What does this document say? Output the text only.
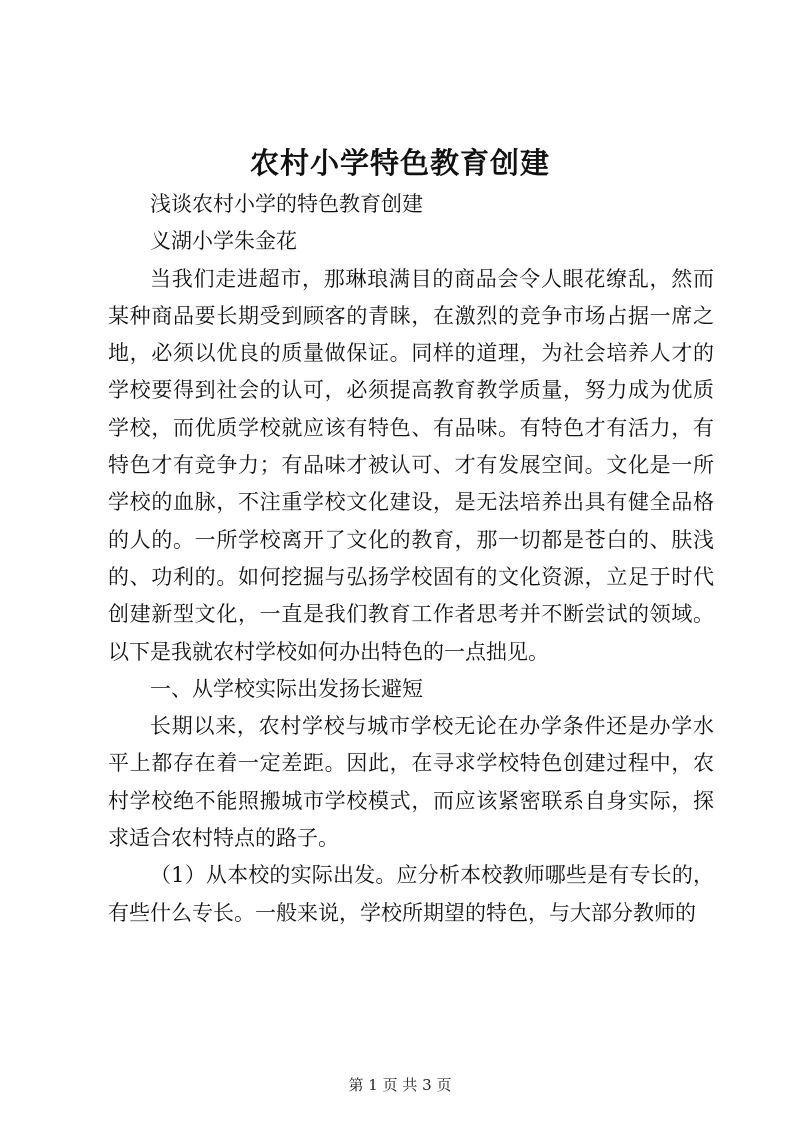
农村小学特色教育创建

浅谈农村小学的特色教育创建

义湖小学朱金花

当我们走进超市，那琳琅满目的商品会令人眼花缭乱，然而某种商品要长期受到顾客的青睐，在激烈的竞争市场占据一席之地，必须以优良的质量做保证。同样的道理，为社会培养人才的学校要得到社会的认可，必须提高教育教学质量，努力成为优质学校，而优质学校就应该有特色、有品味。有特色才有活力，有特色才有竞争力；有品味才被认可、才有发展空间。文化是一所学校的血脉，不注重学校文化建设，是无法培养出具有健全品格的人的。一所学校离开了文化的教育，那一切都是苍白的、肤浅的、功利的。如何挖掘与弘扬学校固有的文化资源，立足于时代创建新型文化，一直是我们教育工作者思考并不断尝试的领域。以下是我就农村学校如何办出特色的一点拙见。

一、从学校实际出发扬长避短

长期以来，农村学校与城市学校无论在办学条件还是办学水平上都存在着一定差距。因此，在寻求学校特色创建过程中，农村学校绝不能照搬城市学校模式，而应该紧密联系自身实际，探求适合农村特点的路子。

（1）从本校的实际出发。应分析本校教师哪些是有专长的，有些什么专长。一般来说，学校所期望的特色，与大部分教师的

第 1 页 共 3 页
